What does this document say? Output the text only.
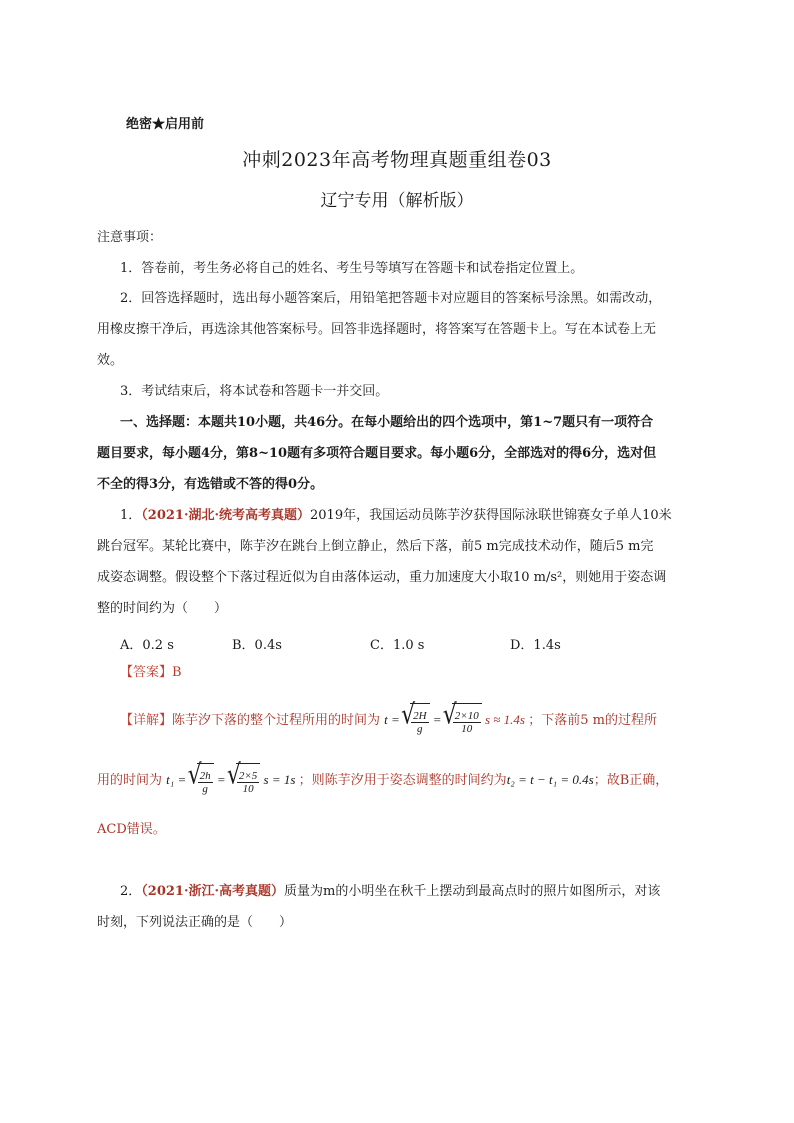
绝密★启用前
冲刺2023年高考物理真题重组卷03
辽宁专用（解析版）
注意事项：
1．答卷前，考生务必将自己的姓名、考生号等填写在答题卡和试卷指定位置上。
2．回答选择题时，选出每小题答案后，用铅笔把答题卡对应题目的答案标号涂黑。如需改动，
用橡皮擦干净后，再选涂其他答案标号。回答非选择题时，将答案写在答题卡上。写在本试卷上无
效。
3．考试结束后，将本试卷和答题卡一并交回。
一、选择题：本题共10小题，共46分。在每小题给出的四个选项中，第1~7题只有一项符合
题目要求，每小题4分，第8~10题有多项符合题目要求。每小题6分，全部选对的得6分，选对但
不全的得3分，有选错或不答的得0分。
1．（2021·湖北·统考高考真题）2019年，我国运动员陈芋汐获得国际泳联世锦赛女子单人10米
跳台冠军。某轮比赛中，陈芋汐在跳台上倒立静止，然后下落，前5 m完成技术动作，随后5 m完
成姿态调整。假设整个下落过程近似为自由落体运动，重力加速度大小取10 m/s²，则她用于姿态调
整的时间约为（　　）
A．0.2 s	B．0.4s	C．1.0 s	D．1.4s
【答案】B
【详解】陈芋汐下落的整个过程所用的时间为 t = √ $\frac{2H}{g}$ = √ $\frac{2\times 10}{10}$ s ≈ 1.4s ；下落前5 m的过程所
用的时间为 t₁ = √ $\frac{2h}{g}$ = √ $\frac{2\times 5}{10}$ s = 1s ；则陈芋汐用于姿态调整的时间约为t₂ = t − t₁ = 0.4s；故B正确，
ACD错误。
2．（2021·浙江·高考真题）质量为m的小明坐在秋千上摆动到最高点时的照片如图所示，对该
时刻，下列说法正确的是（　　）
